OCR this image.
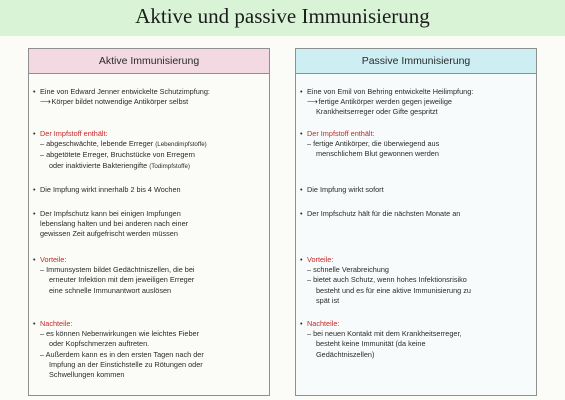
Aktive und passive Immunisierung
Aktive Immunisierung
• Eine von Edward Jenner entwickelte Schutzimpfung:
⟶ Körper bildet notwendige Antikörper selbst
• Der Impfstoff enthält:
– abgeschwächte, lebende Erreger (Lebendimpfstoffe)
– abgetötete Erreger, Bruchstücke von Erregern
oder inaktivierte Bakteriengifte (Todimpfstoffe)
• Die Impfung wirkt innerhalb 2 bis 4 Wochen
• Der Impfschutz kann bei einigen Impfungen
lebenslang halten und bei anderen nach einer
gewissen Zeit aufgefrischt werden müssen
• Vorteile:
– Immunsystem bildet Gedächtniszellen, die bei
erneuter Infektion mit dem jeweiligen Erreger
eine schnelle Immunantwort auslösen
• Nachteile:
– es können Nebenwirkungen wie leichtes Fieber
oder Kopfschmerzen auftreten.
– Außerdem kann es in den ersten Tagen nach der
Impfung an der Einstichstelle zu Rötungen oder
Schwellungen kommen
Passive Immunisierung
• Eine von Emil von Behring entwickelte Heilimpfung:
⟶ fertige Antikörper werden gegen jeweilige
Krankheitserreger oder Gifte gespritzt
• Der Impfstoff enthält:
– fertige Antikörper, die überwiegend aus
menschlichem Blut gewonnen werden
• Die Impfung wirkt sofort
• Der Impfschutz hält für die nächsten Monate an
• Vorteile:
– schnelle Verabreichung
– bietet auch Schutz, wenn hohes Infektionsrisiko
besteht und es für eine aktive Immunisierung zu
spät ist
• Nachteile:
– bei neuen Kontakt mit dem Krankheitserreger,
besteht keine Immunität (da keine
Gedächtniszellen)
